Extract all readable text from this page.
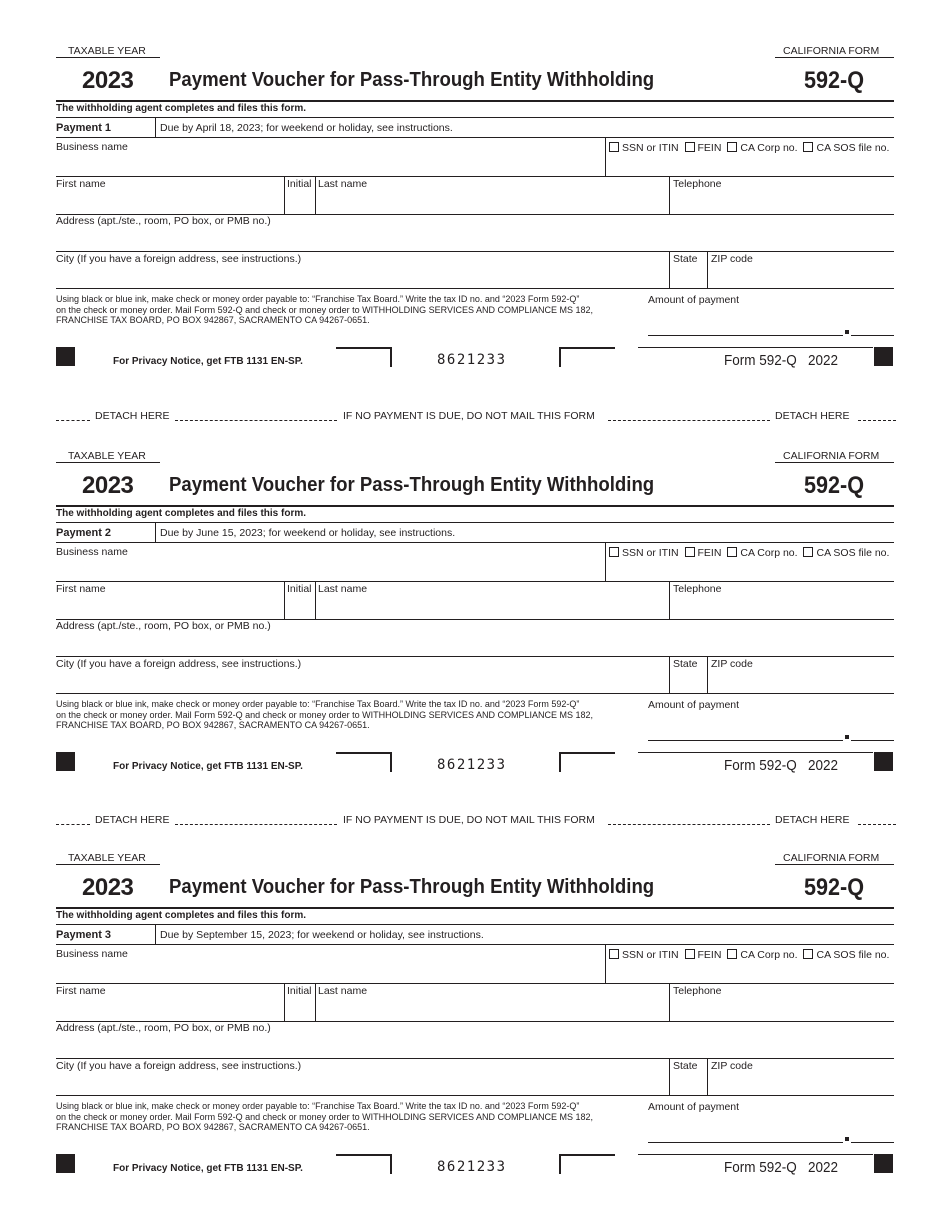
TAXABLE YEAR	CALIFORNIA FORM
2023 Payment Voucher for Pass-Through Entity Withholding	592-Q
The withholding agent completes and files this form.
Payment 1	Due by April 18, 2023; for weekend or holiday, see instructions.
Business name	SSN or ITIN FEIN CA Corp no. CA SOS file no.
First name	Initial Last name	Telephone
Address (apt./ste., room, PO box, or PMB no.)
City (If you have a foreign address, see instructions.)	State ZIP code
Using black or blue ink, make check or money order payable to: “Franchise Tax Board.” Write the tax ID no. and “2023 Form 592-Q”
on the check or money order. Mail Form 592-Q and check or money order to WITHHOLDING SERVICES AND COMPLIANCE MS 182,
FRANCHISE TAX BOARD, PO BOX 942867, SACRAMENTO CA 94267-0651.
Amount of payment
For Privacy Notice, get FTB 1131 EN-SP.	8621233	Form 592-Q 2022
TAXABLE YEAR	CALIFORNIA FORM
2023 Payment Voucher for Pass-Through Entity Withholding	592-Q
The withholding agent completes and files this form.
Payment 2	Due by June 15, 2023; for weekend or holiday, see instructions.
Business name	SSN or ITIN FEIN CA Corp no. CA SOS file no.
First name	Initial Last name	Telephone
Address (apt./ste., room, PO box, or PMB no.)
City (If you have a foreign address, see instructions.)	State ZIP code
Using black or blue ink, make check or money order payable to: “Franchise Tax Board.” Write the tax ID no. and “2023 Form 592-Q”
on the check or money order. Mail Form 592-Q and check or money order to WITHHOLDING SERVICES AND COMPLIANCE MS 182,
FRANCHISE TAX BOARD, PO BOX 942867, SACRAMENTO CA 94267-0651.
Amount of payment
For Privacy Notice, get FTB 1131 EN-SP.	8621233	Form 592-Q 2022
TAXABLE YEAR	CALIFORNIA FORM
2023 Payment Voucher for Pass-Through Entity Withholding	592-Q
The withholding agent completes and files this form.
Payment 3	Due by September 15, 2023; for weekend or holiday, see instructions.
Business name	SSN or ITIN FEIN CA Corp no. CA SOS file no.
First name	Initial Last name	Telephone
Address (apt./ste., room, PO box, or PMB no.)
City (If you have a foreign address, see instructions.)	State ZIP code
Using black or blue ink, make check or money order payable to: “Franchise Tax Board.” Write the tax ID no. and “2023 Form 592-Q”
on the check or money order. Mail Form 592-Q and check or money order to WITHHOLDING SERVICES AND COMPLIANCE MS 182,
FRANCHISE TAX BOARD, PO BOX 942867, SACRAMENTO CA 94267-0651.
Amount of payment
For Privacy Notice, get FTB 1131 EN-SP.	8621233	Form 592-Q 2022
DETACH HERE	IF NO PAYMENT IS DUE, DO NOT MAIL THIS FORM	DETACH HERE
DETACH HERE	IF NO PAYMENT IS DUE, DO NOT MAIL THIS FORM	DETACH HERE
